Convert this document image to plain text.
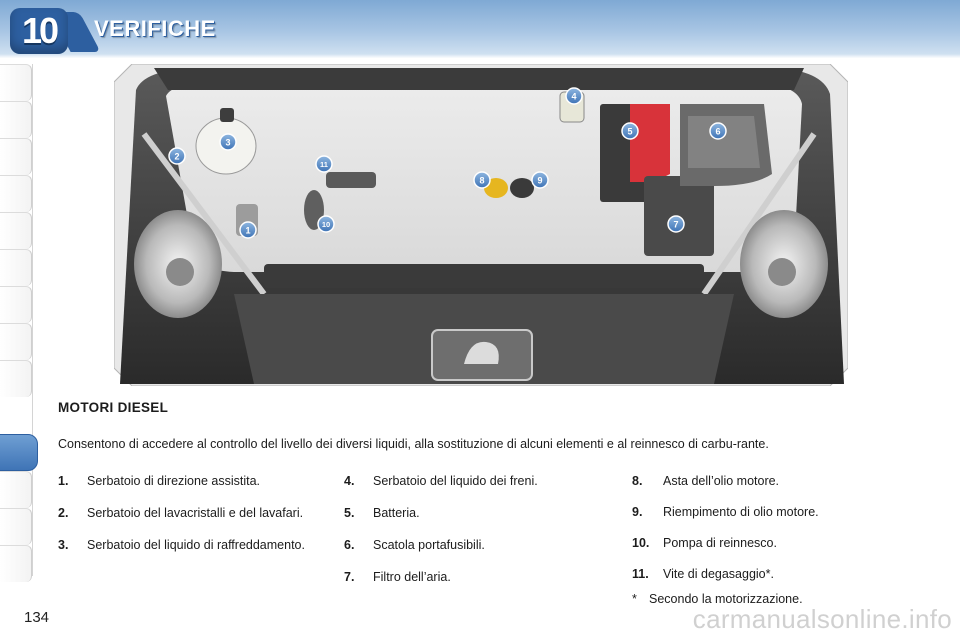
10	VERIFICHE
1
2
3
4
5	6
7
8	9
10
11
MOTORI DIESEL
Consentono di accedere al controllo del livello dei diversi liquidi, alla sostituzione di alcuni elementi e al reinnesco di carbu-rante.
1.	Serbatoio di direzione assistita.
2.	Serbatoio del lavacristalli e del lavafari.
3.	Serbatoio del liquido di raffreddamento.
4.	Serbatoio del liquido dei freni.
5.	Batteria.
6.	Scatola portafusibili.
7.	Filtro dell’aria.
8.	Asta dell’olio motore.
9.	Riempimento di olio motore.
10.	Pompa di reinnesco.
11.	Vite di degasaggio*.
* Secondo la motorizzazione.
134	carmanualsonline.info
